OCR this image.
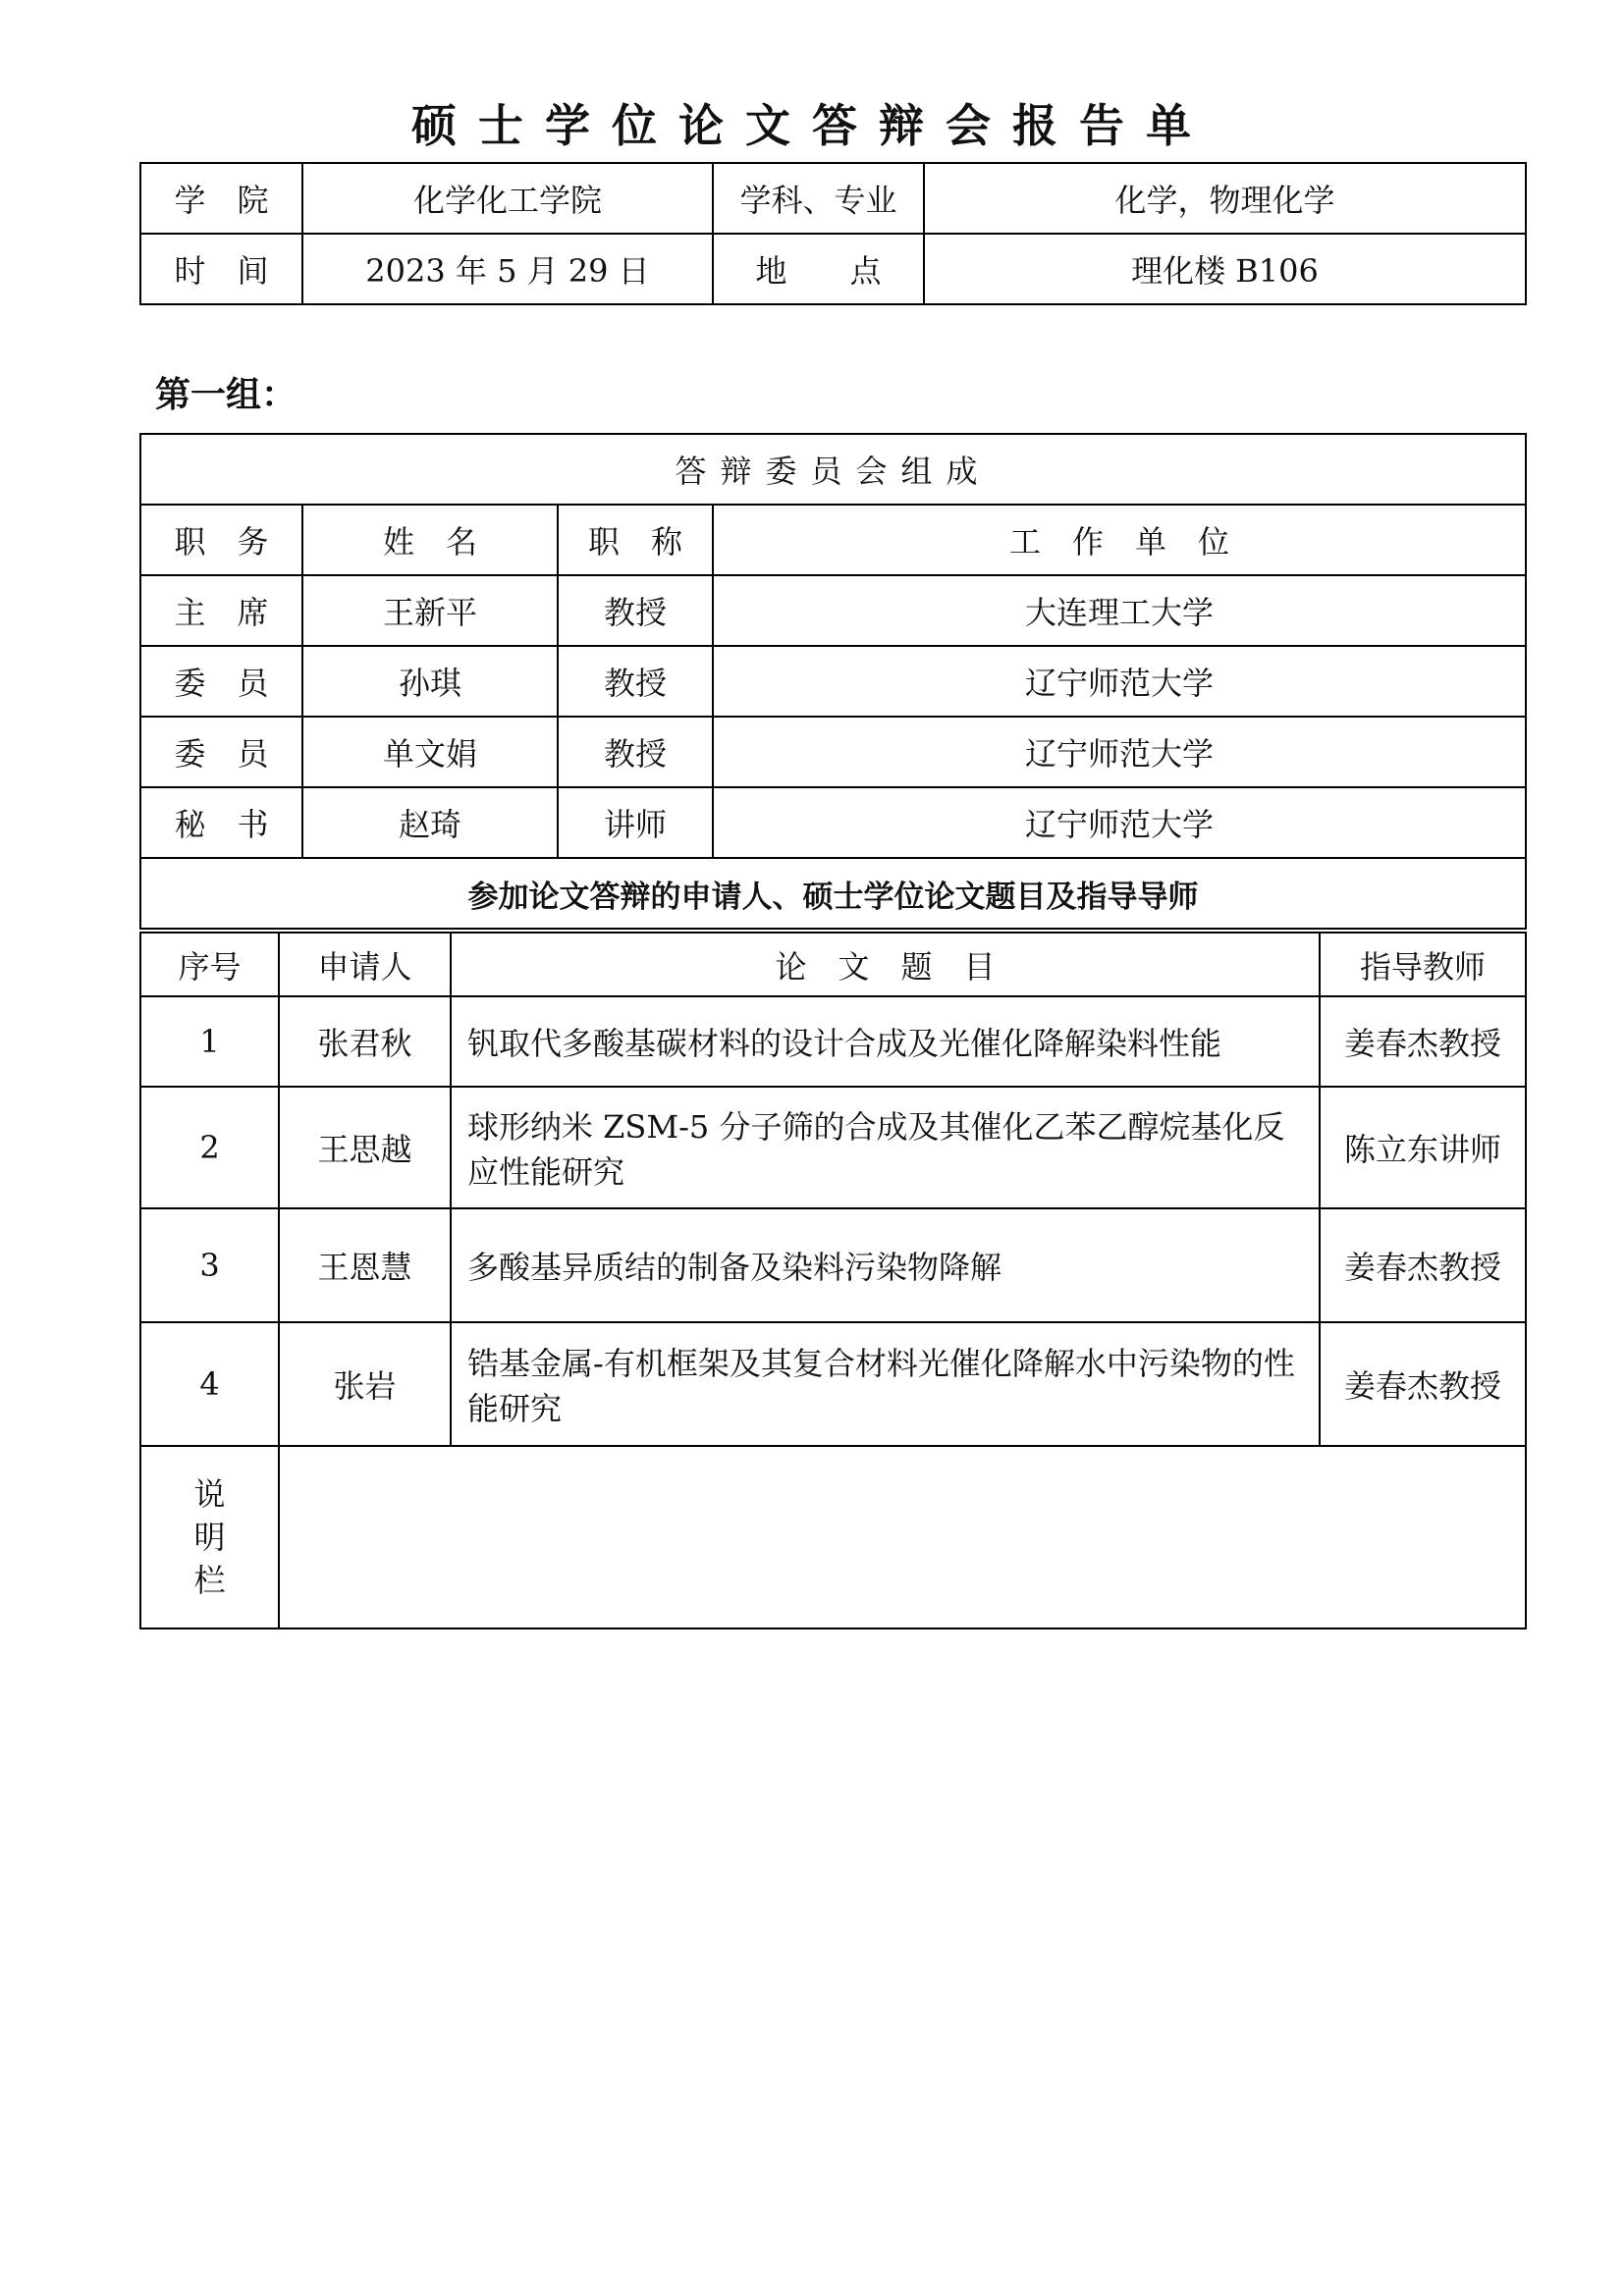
硕士学位论文答辩会报告单
学　院	化学化工学院	学科、专业	化学，物理化学
时　间	2023 年 5 月 29 日	地　　点	理化楼 B106
第一组：
答辩委员会组成			
职　务	姓　名	职　称	工　作　单　位
主　席	王新平	教授	大连理工大学
委　员	孙琪	教授	辽宁师范大学
委　员	单文娟	教授	辽宁师范大学
秘　书	赵琦	讲师	辽宁师范大学
参加论文答辩的申请人、硕士学位论文题目及指导导师			
序号	申请人	论　文　题　目	指导教师
1	张君秋	钒取代多酸基碳材料的设计合成及光催化降解染料性能	姜春杰教授
2	王思越	球形纳米 ZSM-5 分子筛的合成及其催化乙苯乙醇烷基化反应性能研究	陈立东讲师
3	王恩慧	多酸基异质结的制备及染料污染物降解	姜春杰教授
4	张岩	锆基金属-有机框架及其复合材料光催化降解水中污染物的性能研究	姜春杰教授
说明栏			
